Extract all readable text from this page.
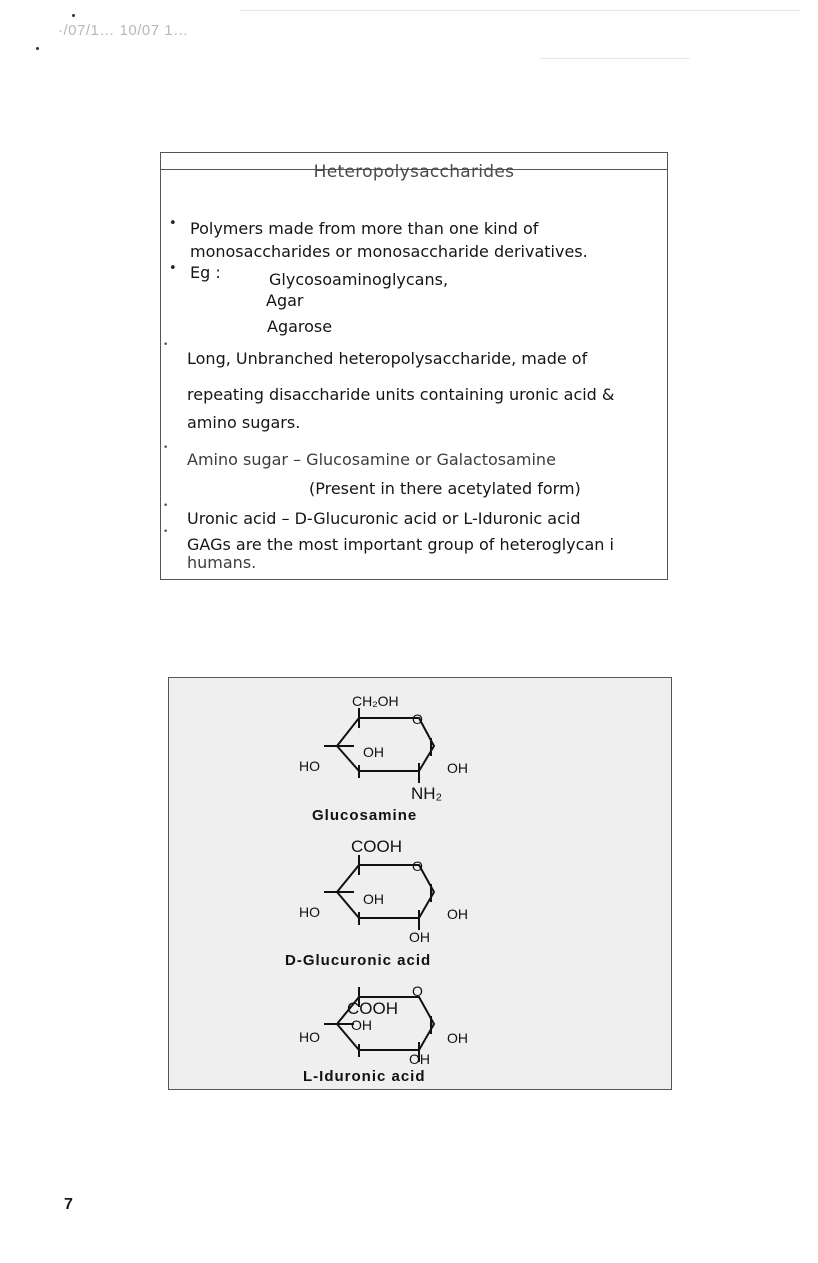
·/07/1… 10/07 1…
Heteropolysaccharides
• Polymers made from more than one kind of
monosaccharides or monosaccharide derivatives.
• Eg :	Glycosoaminoglycans,
Agar
Agarose
•
Long, Unbranched heteropolysaccharide, made of
repeating disaccharide units containing uronic acid &
amino sugars.
•
Amino sugar – Glucosamine or Galactosamine
(Present in there acetylated form)
•
Uronic acid – D-Glucuronic acid or L-Iduronic acid
•
GAGs are the most important group of heteroglycan i
humans.
CH₂OH
O
OH
HO	OH
NH₂
Glucosamine
COOH
O
OH
HO	OH
OH
D-Glucuronic acid
O
COOH
OH
HO	OH
OH
L-Iduronic acid
7
